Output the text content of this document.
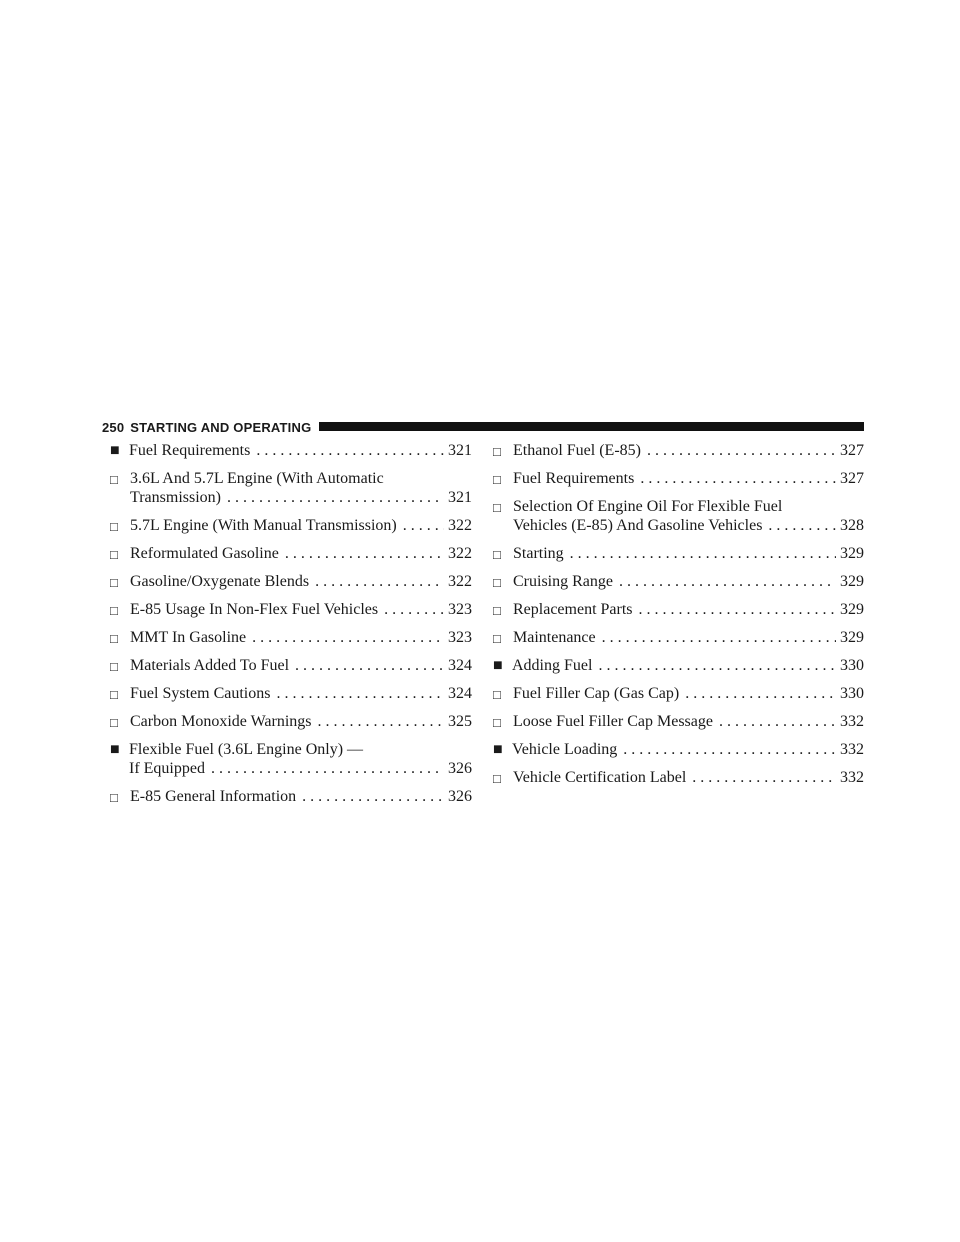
250 STARTING AND OPERATING
■ Fuel Requirements . . .	321
□ 3.6L And 5.7L Engine (With Automatic
Transmission) . . .	321
□ 5.7L Engine (With Manual Transmission) . . .	322
□ Reformulated Gasoline . . .	322
□ Gasoline/Oxygenate Blends . . .	322
□ E-85 Usage In Non-Flex Fuel Vehicles . . .	323
□ MMT In Gasoline . . .	323
□ Materials Added To Fuel . . .	324
□ Fuel System Cautions . . .	324
□ Carbon Monoxide Warnings . . .	325
■ Flexible Fuel (3.6L Engine Only) —
If Equipped . . .	326
□ E-85 General Information . . .	326
□ Ethanol Fuel (E-85) . . .	327
□ Fuel Requirements . . .	327
□ Selection Of Engine Oil For Flexible Fuel
Vehicles (E-85) And Gasoline Vehicles . . .	328
□ Starting . . .	329
□ Cruising Range . . .	329
□ Replacement Parts . . .	329
□ Maintenance . . .	329
■ Adding Fuel . . .	330
□ Fuel Filler Cap (Gas Cap) . . .	330
□ Loose Fuel Filler Cap Message . . .	332
■ Vehicle Loading . . .	332
□ Vehicle Certification Label . . .	332
